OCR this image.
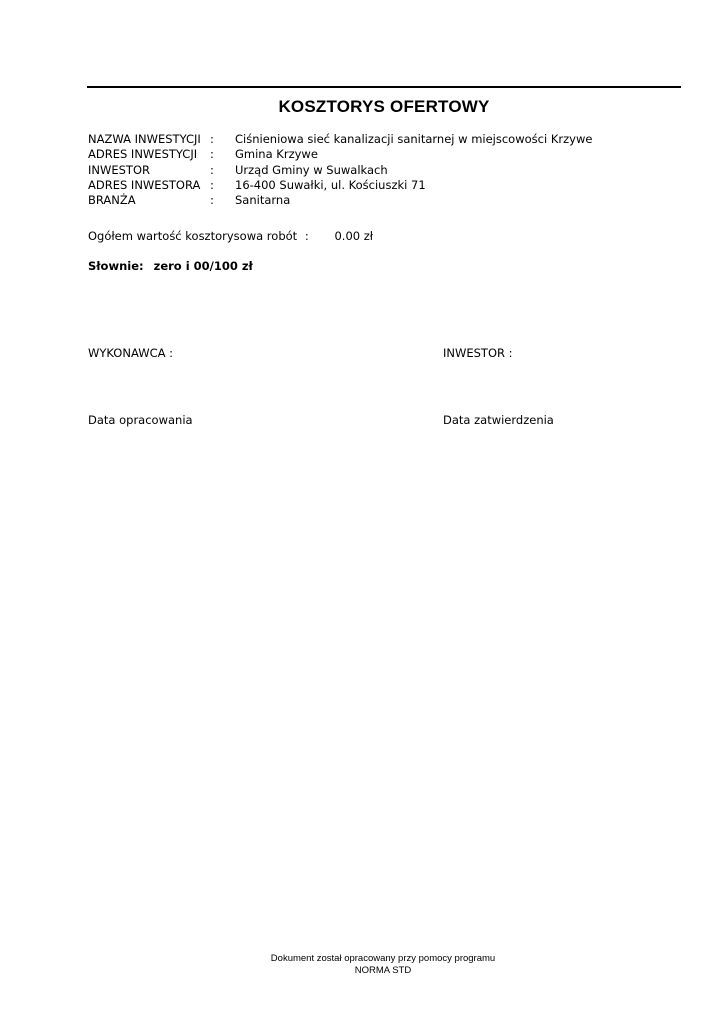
KOSZTORYS OFERTOWY
NAZWA INWESTYCJI :	Ciśnieniowa sieć kanalizacji sanitarnej w miejscowości Krzywe
ADRES INWESTYCJI	:	Gmina Krzywe
INWESTOR	:	Urząd Gminy w Suwalkach
ADRES INWESTORA :	16-400 Suwałki, ul. Kościuszki 71
BRANŻA	:	Sanitarna
Ogółem wartość kosztorysowa robót : 0.00 zł
Słownie: zero i 00/100 zł
WYKONAWCA :	INWESTOR :
Data opracowania	Data zatwierdzenia
Dokument został opracowany przy pomocy programu
NORMA STD
